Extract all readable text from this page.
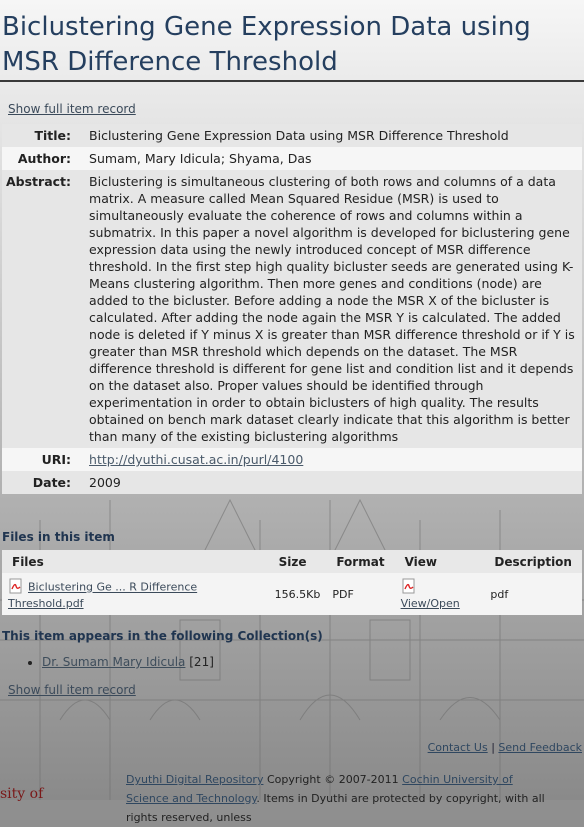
Biclustering Gene Expression Data using MSR Difference Threshold
Show full item record
Title:	Biclustering Gene Expression Data using MSR Difference Threshold
Author:	Sumam, Mary Idicula; Shyama, Das
Abstract:	Biclustering is simultaneous clustering of both rows and columns of a data matrix. A measure called Mean Squared Residue (MSR) is used to simultaneously evaluate the coherence of rows and columns within a submatrix. In this paper a novel algorithm is developed for biclustering gene expression data using the newly introduced concept of MSR difference threshold. In the first step high quality bicluster seeds are generated using K-Means clustering algorithm. Then more genes and conditions (node) are added to the bicluster. Before adding a node the MSR X of the bicluster is calculated. After adding the node again the MSR Y is calculated. The added node is deleted if Y minus X is greater than MSR difference threshold or if Y is greater than MSR threshold which depends on the dataset. The MSR difference threshold is different for gene list and condition list and it depends on the dataset also. Proper values should be identified through experimentation in order to obtain biclusters of high quality. The results obtained on bench mark dataset clearly indicate that this algorithm is better than many of the existing biclustering algorithms
URI:	http://dyuthi.cusat.ac.in/purl/4100
Date:	2009
Files in this item
Files	Size	Format	View	Description
Biclustering Ge ... R Difference Threshold.pdf	156.5Kb	PDF	View/Open	pdf
This item appears in the following Collection(s)
• Dr. Sumam Mary Idicula [21]
Show full item record
Contact Us | Send Feedback
sity of
Dyuthi Digital Repository Copyright © 2007-2011 Cochin University of Science and Technology. Items in Dyuthi are protected by copyright, with all rights reserved, unless
